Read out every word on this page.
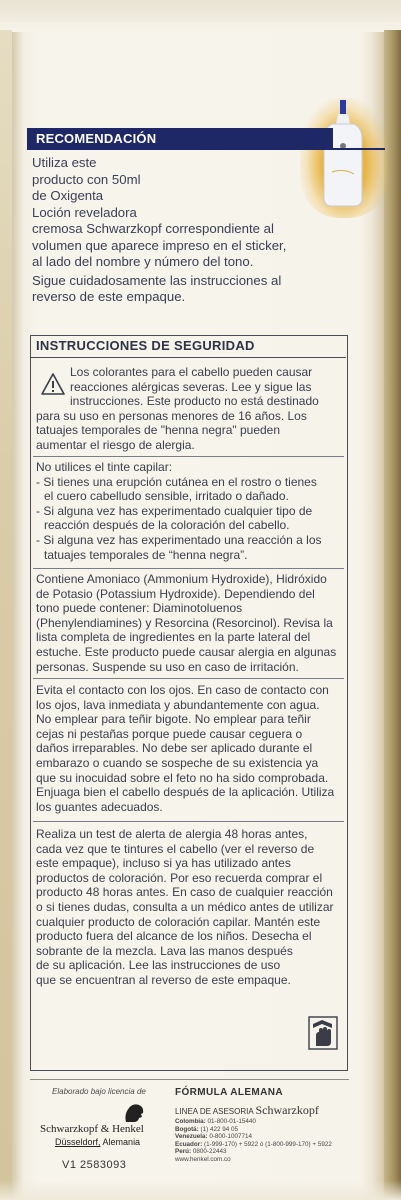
RECOMENDACIÓN

Utiliza este

producto con 50ml

de Oxigenta

Loción reveladora

cremosa Schwarzkopf correspondiente al

volumen que aparece impreso en el sticker,

al lado del nombre y número del tono.

Sigue cuidadosamente las instrucciones al

reverso de este empaque.

INSTRUCCIONES DE SEGURIDAD

Los colorantes para el cabello pueden causar

reacciones alérgicas severas. Lee y sigue las

instrucciones. Este producto no está destinado

para su uso en personas menores de 16 años. Los

tatuajes temporales de "henna negra" pueden

aumentar el riesgo de alergia.

No utilices el tinte capilar:

- Si tienes una erupción cutánea en el rostro o tienes

el cuero cabelludo sensible, irritado o dañado.

- Si alguna vez has experimentado cualquier tipo de

reacción después de la coloración del cabello.

- Si alguna vez has experimentado una reacción a los

tatuajes temporales de “henna negra”.

Contiene Amoniaco (Ammonium Hydroxide), Hidróxido

de Potasio (Potassium Hydroxide). Dependiendo del

tono puede contener: Diaminotoluenos

(Phenylendiamines) y Resorcina (Resorcinol). Revisa la

lista completa de ingredientes en la parte lateral del

estuche. Este producto puede causar alergia en algunas

personas. Suspende su uso en caso de irritación.

Evita el contacto con los ojos. En caso de contacto con

los ojos, lava inmediata y abundantemente con agua.

No emplear para teñir bigote. No emplear para teñir

cejas ni pestañas porque puede causar ceguera o

daños irreparables. No debe ser aplicado durante el

embarazo o cuando se sospeche de su existencia ya

que su inocuidad sobre el feto no ha sido comprobada.

Enjuaga bien el cabello después de la aplicación. Utiliza

los guantes adecuados.

Realiza un test de alerta de alergia 48 horas antes,

cada vez que te tintures el cabello (ver el reverso de

este empaque), incluso si ya has utilizado antes

productos de coloración. Por eso recuerda comprar el

producto 48 horas antes. En caso de cualquier reacción

o si tienes dudas, consulta a un médico antes de utilizar

cualquier producto de coloración capilar. Mantén este

producto fuera del alcance de los niños. Desecha el

sobrante de la mezcla. Lava las manos después

de su aplicación. Lee las instrucciones de uso

que se encuentran al reverso de este empaque.

Elaborado bajo licencia de
Schwarzkopf & Henkel
Düsseldorf, Alemania
V1 2583093
FÓRMULA ALEMANA
LINEA DE ASESORIA Schwarzkopf
Colombia: 01-800-01-15440
Bogotá: (1) 422 94 05
Venezuela: 0-800-1007714
Ecuador: (1-999-170) + 5922 ó (1-800-999-170) + 5922
Perú: 0800-22443
www.henkel.com.co
